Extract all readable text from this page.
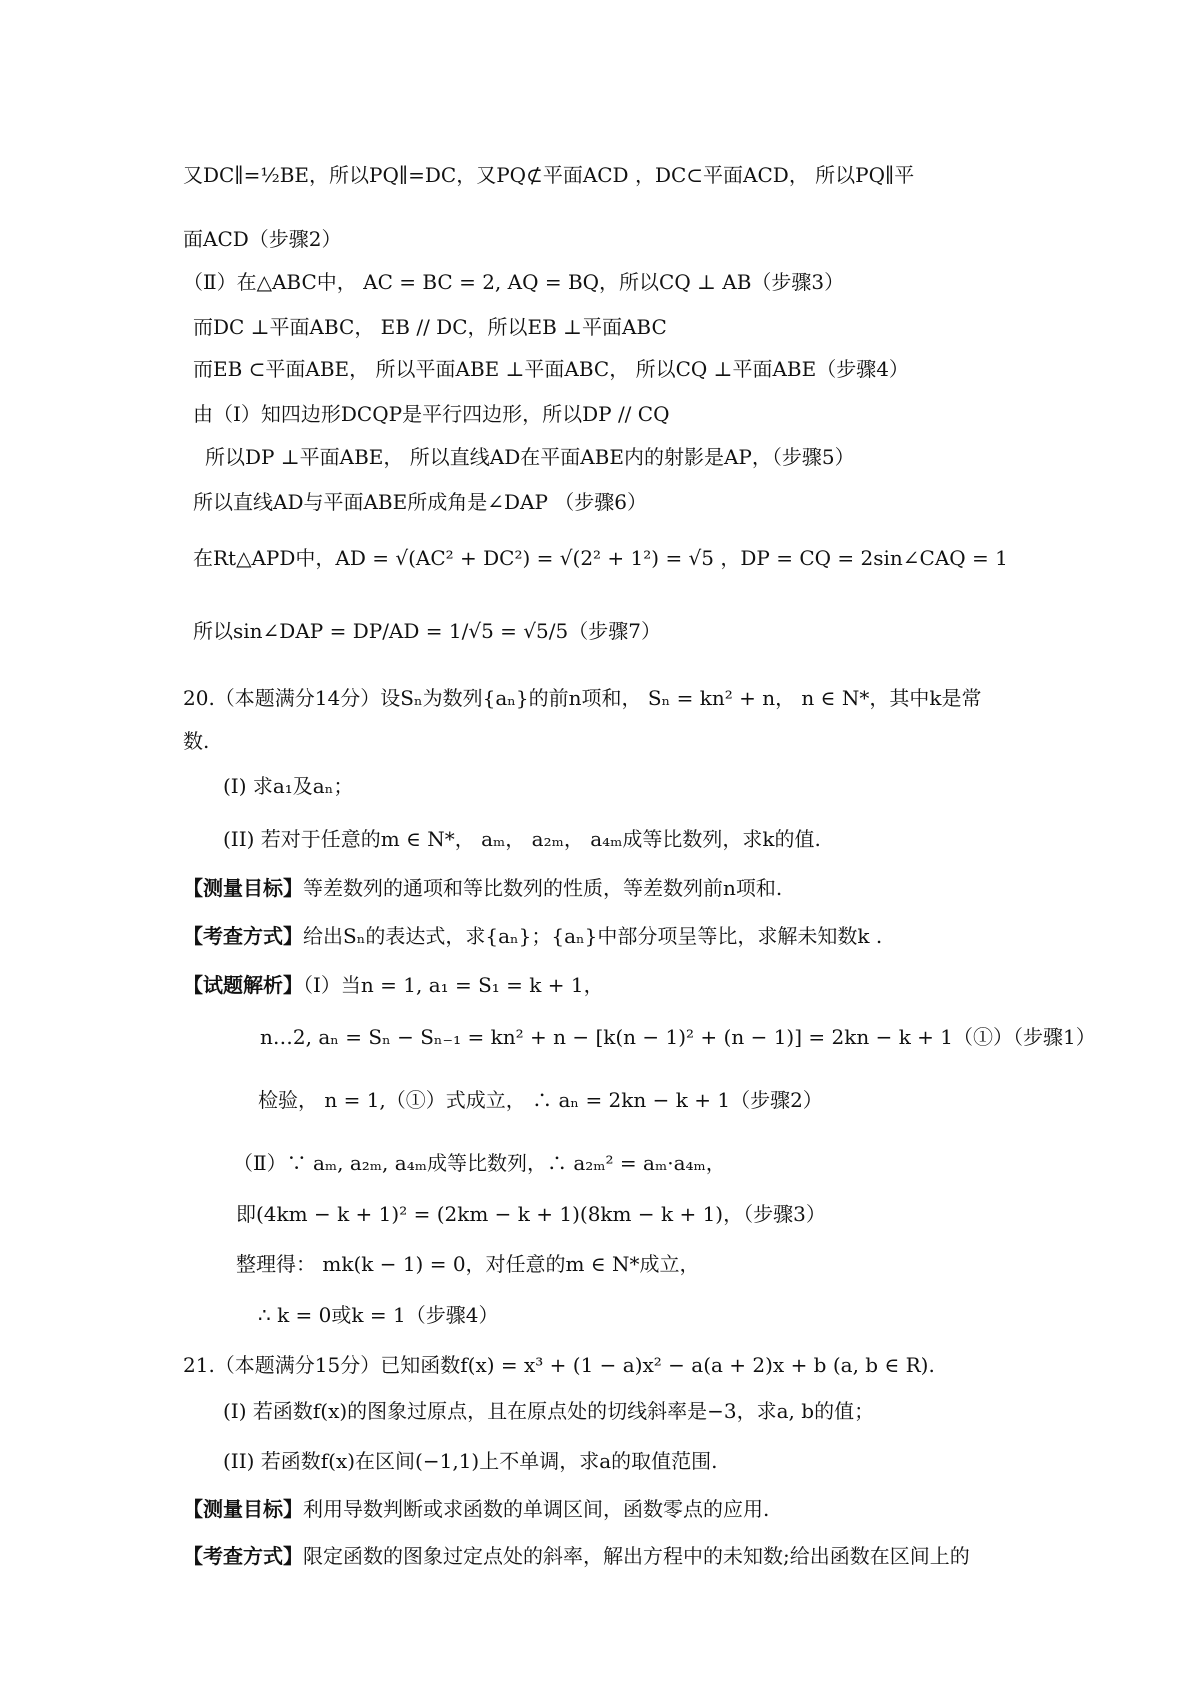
又DC∥=½BE，所以PQ∥=DC，又PQ⊄平面ACD ，DC⊂平面ACD， 所以PQ∥平
面ACD（步骤2）
（Ⅱ）在△ABC中， AC = BC = 2, AQ = BQ，所以CQ ⊥ AB（步骤3）
而DC ⊥平面ABC， EB // DC，所以EB ⊥平面ABC
而EB ⊂平面ABE， 所以平面ABE ⊥平面ABC， 所以CQ ⊥平面ABE（步骤4）
由（Ⅰ）知四边形DCQP是平行四边形，所以DP // CQ
所以DP ⊥平面ABE， 所以直线AD在平面ABE内的射影是AP，（步骤5）
所以直线AD与平面ABE所成角是∠DAP （步骤6）
在Rt△APD中，AD = √(AC² + DC²) = √(2² + 1²) = √5 ，DP = CQ = 2sin∠CAQ = 1
所以sin∠DAP = DP/AD = 1/√5 = √5/5（步骤7）
20.（本题满分14分）设Sₙ为数列{aₙ}的前n项和， Sₙ = kn² + n， n ∈ N*，其中k是常
数.
(I) 求a₁及aₙ；
(II) 若对于任意的m ∈ N*， aₘ， a₂ₘ， a₄ₘ成等比数列，求k的值.
【测量目标】等差数列的通项和等比数列的性质，等差数列前n项和.
【考查方式】给出Sₙ的表达式，求{aₙ}；{aₙ}中部分项呈等比，求解未知数k .
【试题解析】（Ⅰ）当n = 1, a₁ = S₁ = k + 1，
n…2, aₙ = Sₙ − Sₙ₋₁ = kn² + n − [k(n − 1)² + (n − 1)] = 2kn − k + 1（①）（步骤1）
检验， n = 1,（①）式成立， ∴ aₙ = 2kn − k + 1（步骤2）
（Ⅱ）∵ aₘ, a₂ₘ, a₄ₘ成等比数列，∴ a₂ₘ² = aₘ·a₄ₘ，
即(4km − k + 1)² = (2km − k + 1)(8km − k + 1)，（步骤3）
整理得： mk(k − 1) = 0，对任意的m ∈ N*成立，
∴ k = 0或k = 1（步骤4）
21.（本题满分15分）已知函数f(x) = x³ + (1 − a)x² − a(a + 2)x + b (a, b ∈ R).
(I) 若函数f(x)的图象过原点，且在原点处的切线斜率是−3，求a, b的值；
(II) 若函数f(x)在区间(−1,1)上不单调，求a的取值范围.
【测量目标】利用导数判断或求函数的单调区间，函数零点的应用.
【考查方式】限定函数的图象过定点处的斜率，解出方程中的未知数;给出函数在区间上的
